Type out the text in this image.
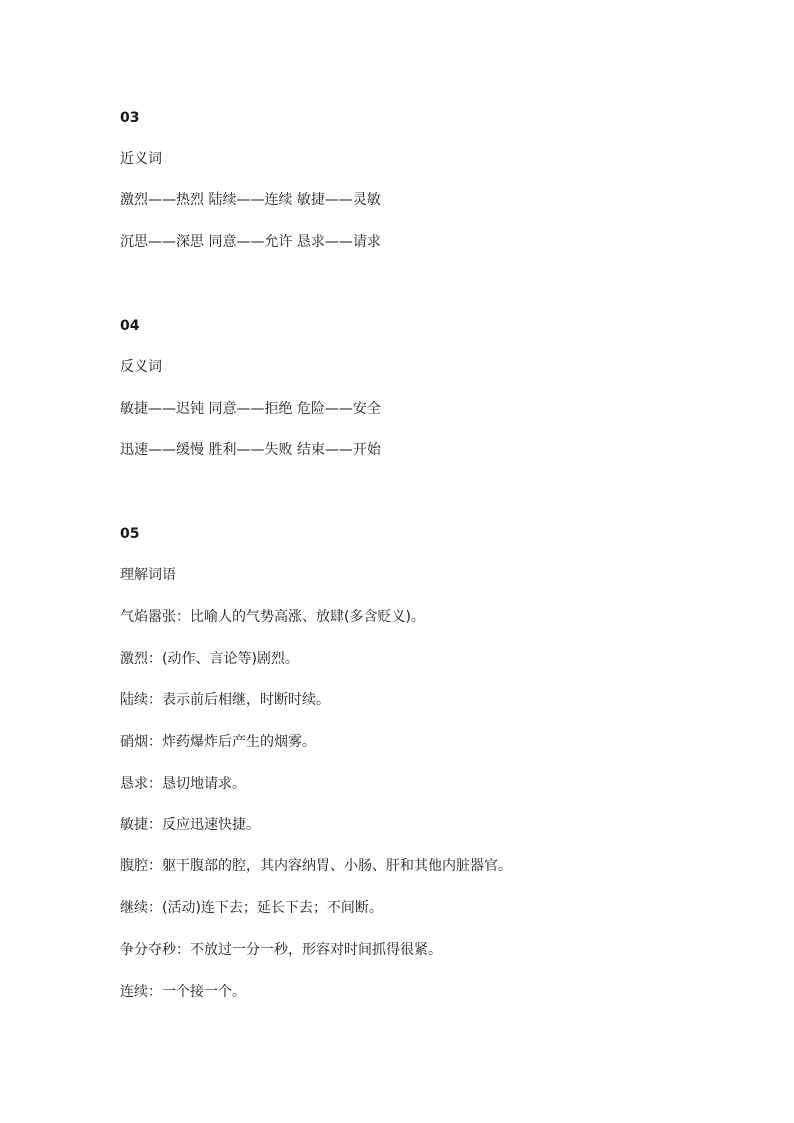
03
近义词
激烈——热烈 陆续——连续 敏捷——灵敏
沉思——深思 同意——允许 恳求——请求
04
反义词
敏捷——迟钝 同意——拒绝 危险——安全
迅速——缓慢 胜利——失败 结束——开始
05
理解词语
气焰嚣张：比喻人的气势高涨、放肆(多含贬义)。
激烈：(动作、言论等)剧烈。
陆续：表示前后相继，时断时续。
硝烟：炸药爆炸后产生的烟雾。
恳求：恳切地请求。
敏捷：反应迅速快捷。
腹腔：躯干腹部的腔，其内容纳胃、小肠、肝和其他内脏器官。
继续：(活动)连下去；延长下去；不间断。
争分夺秒：不放过一分一秒，形容对时间抓得很紧。
连续：一个接一个。
